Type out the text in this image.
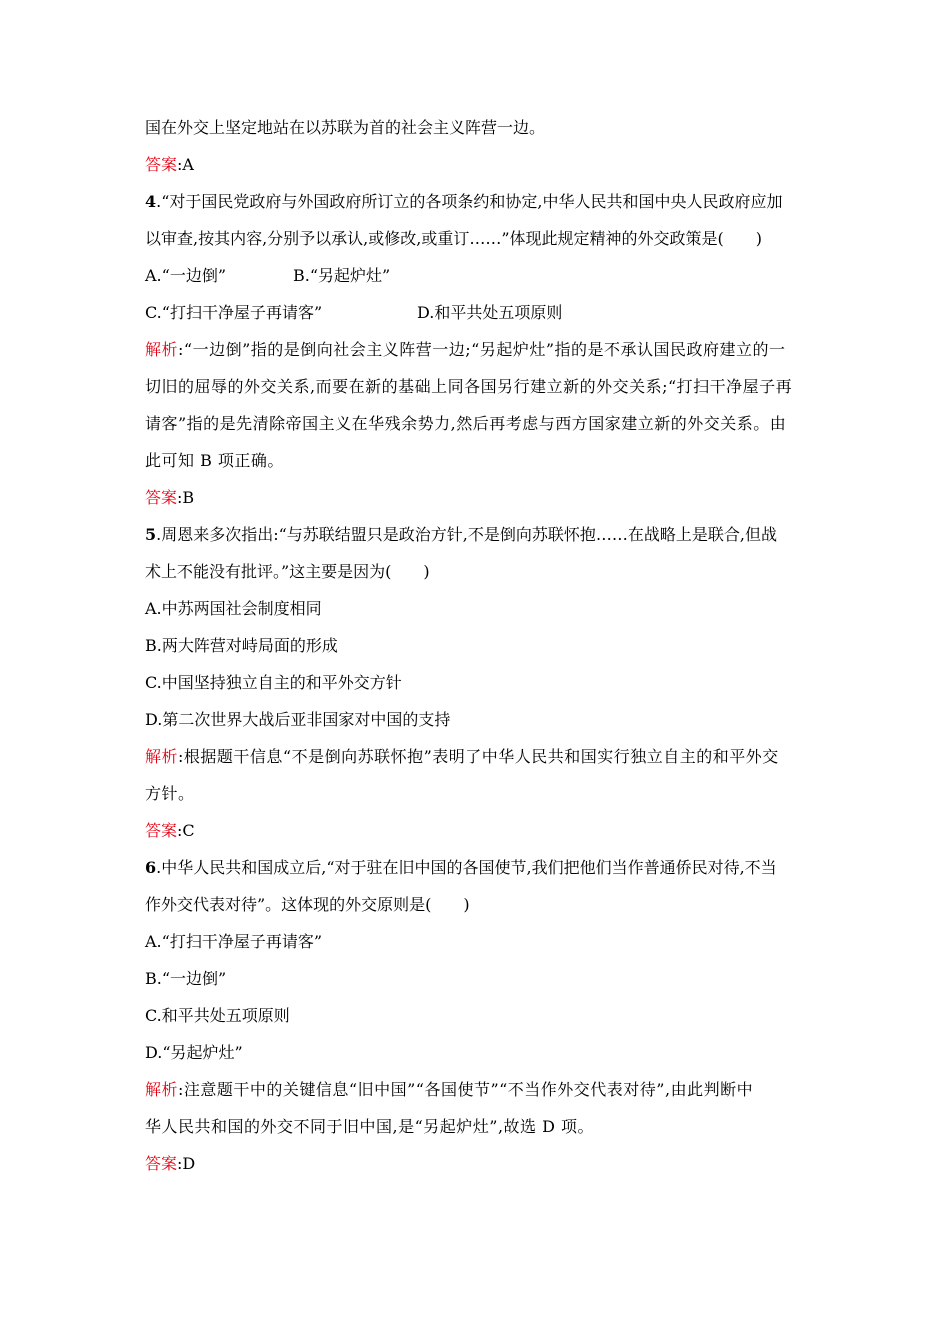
国在外交上坚定地站在以苏联为首的社会主义阵营一边。

答案:A

4.“对于国民党政府与外国政府所订立的各项条约和协定,中华人民共和国中央人民政府应加

以审查,按其内容,分别予以承认,或修改,或重订……”体现此规定精神的外交政策是(　　)

A.“一边倒”	B.“另起炉灶”
C.“打扫干净屋子再请客”	D.和平共处五项原则

解析:“一边倒”指的是倒向社会主义阵营一边;“另起炉灶”指的是不承认国民政府建立的一

切旧的屈辱的外交关系,而要在新的基础上同各国另行建立新的外交关系;“打扫干净屋子再

请客”指的是先清除帝国主义在华残余势力,然后再考虑与西方国家建立新的外交关系。由

此可知 B 项正确。

答案:B

5.周恩来多次指出:“与苏联结盟只是政治方针,不是倒向苏联怀抱……在战略上是联合,但战

术上不能没有批评。”这主要是因为(　　)

A.中苏两国社会制度相同

B.两大阵营对峙局面的形成

C.中国坚持独立自主的和平外交方针

D.第二次世界大战后亚非国家对中国的支持

解析:根据题干信息“不是倒向苏联怀抱”表明了中华人民共和国实行独立自主的和平外交

方针。

答案:C

6.中华人民共和国成立后,“对于驻在旧中国的各国使节,我们把他们当作普通侨民对待,不当

作外交代表对待”。这体现的外交原则是(　　)

A.“打扫干净屋子再请客”

B.“一边倒”

C.和平共处五项原则

D.“另起炉灶”

解析:注意题干中的关键信息“旧中国”“各国使节”“不当作外交代表对待”,由此判断中

华人民共和国的外交不同于旧中国,是“另起炉灶”,故选 D 项。

答案:D
